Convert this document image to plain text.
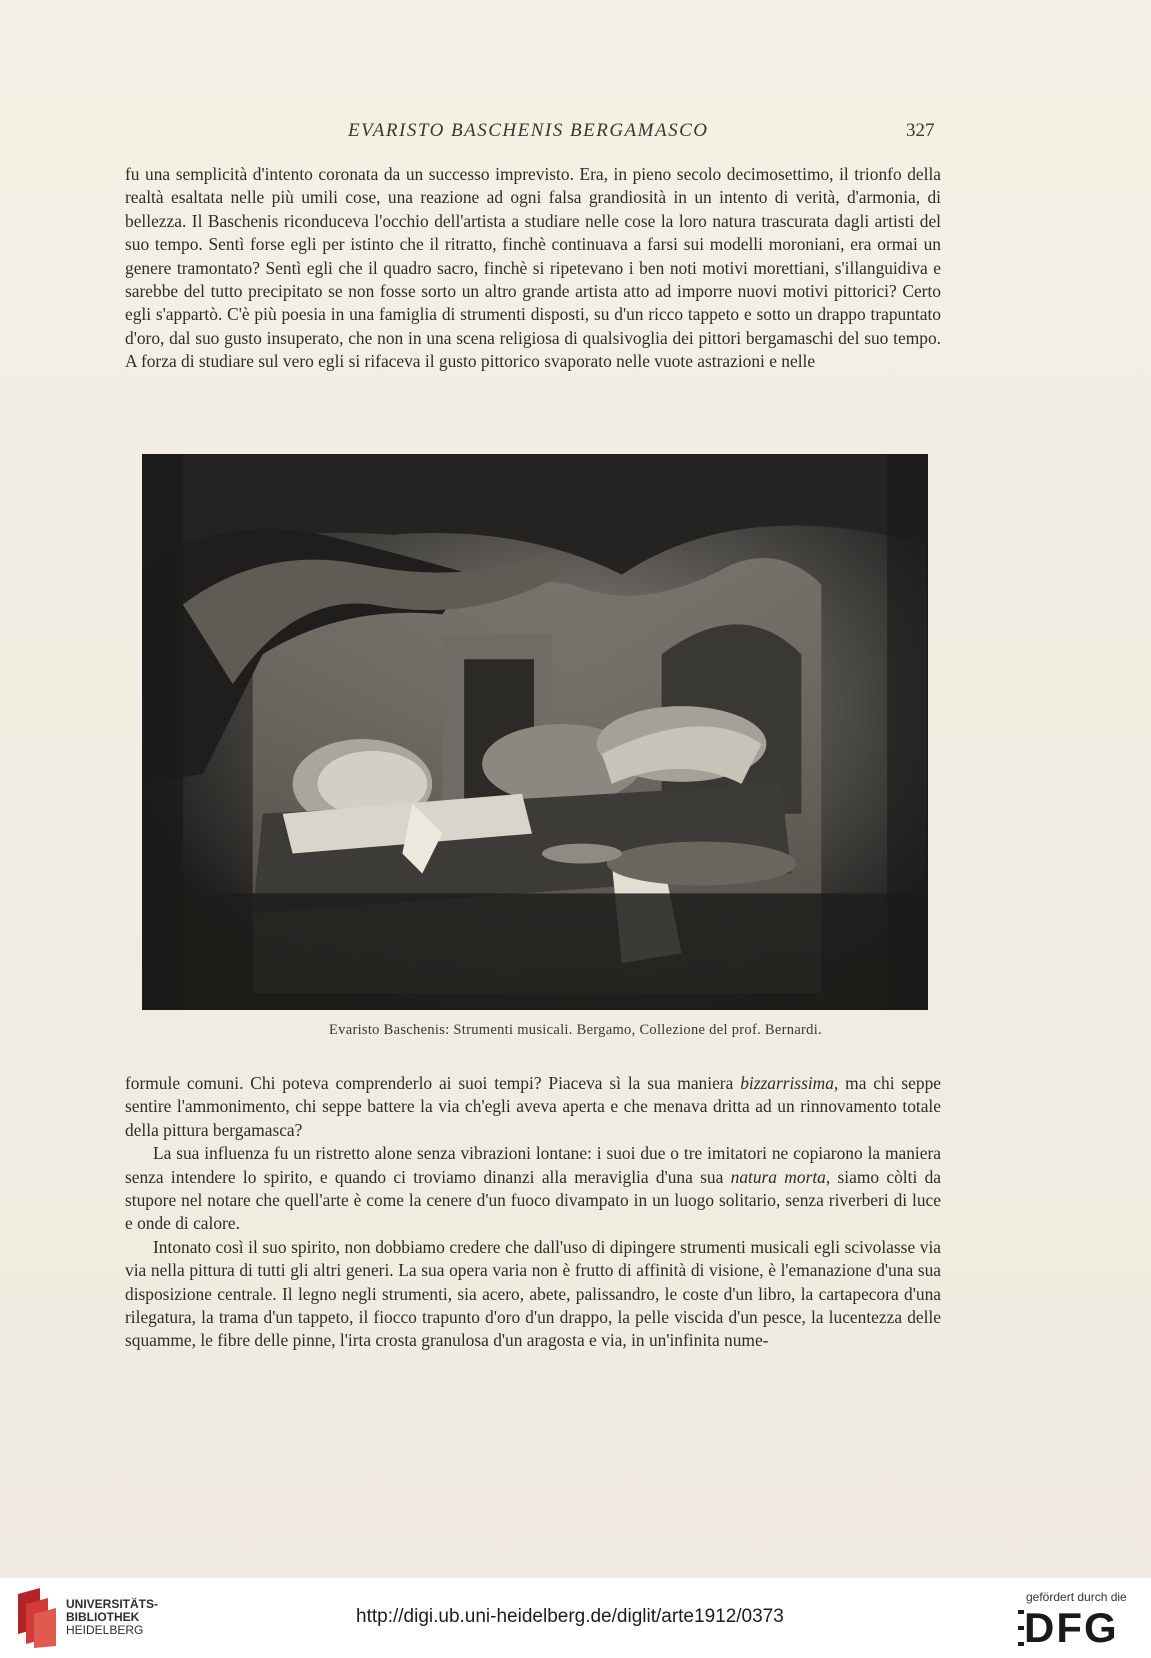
EVARISTO BASCHENIS BERGAMASCO	327

fu una semplicità d'intento coronata da un successo imprevisto. Era, in pieno secolo decimosettimo, il trionfo della realtà esaltata nelle più umili cose, una reazione ad ogni falsa grandiosità in un intento di verità, d'armonia, di bellezza. Il Baschenis riconduceva l'occhio dell'artista a studiare nelle cose la loro natura trascurata dagli artisti del suo tempo. Sentì forse egli per istinto che il ritratto, finchè continuava a farsi sui modelli moroniani, era ormai un genere tramontato? Sentì egli che il quadro sacro, finchè si ripetevano i ben noti motivi morettiani, s'illanguidiva e sarebbe del tutto precipitato se non fosse sorto un altro grande artista atto ad imporre nuovi motivi pittorici? Certo egli s'appartò. C'è più poesia in una famiglia di strumenti disposti, su d'un ricco tappeto e sotto un drappo trapuntato d'oro, dal suo gusto insuperato, che non in una scena religiosa di qualsivoglia dei pittori bergamaschi del suo tempo. A forza di studiare sul vero egli si rifaceva il gusto pittorico svaporato nelle vuote astrazioni e nelle

Evaristo Baschenis: Strumenti musicali. Bergamo, Collezione del prof. Bernardi.

formule comuni. Chi poteva comprenderlo ai suoi tempi? Piaceva sì la sua maniera bizzarrissima, ma chi seppe sentire l'ammonimento, chi seppe battere la via ch'egli aveva aperta e che menava dritta ad un rinnovamento totale della pittura bergamasca?

La sua influenza fu un ristretto alone senza vibrazioni lontane: i suoi due o tre imitatori ne copiarono la maniera senza intendere lo spirito, e quando ci troviamo dinanzi alla meraviglia d'una sua natura morta, siamo còlti da stupore nel notare che quell'arte è come la cenere d'un fuoco divampato in un luogo solitario, senza riverberi di luce e onde di calore.

Intonato così il suo spirito, non dobbiamo credere che dall'uso di dipingere strumenti musicali egli scivolasse via via nella pittura di tutti gli altri generi. La sua opera varia non è frutto di affinità di visione, è l'emanazione d'una sua disposizione centrale. Il legno negli strumenti, sia acero, abete, palissandro, le coste d'un libro, la cartapecora d'una rilegatura, la trama d'un tappeto, il fiocco trapunto d'oro d'un drappo, la pelle viscida d'un pesce, la lucentezza delle squamme, le fibre delle pinne, l'irta crosta granulosa d'un aragosta e via, in un'infinita nume-

UNIVERSITÄTS-
BIBLIOTHEK
HEIDELBERG
http://digi.ub.uni-heidelberg.de/diglit/arte1912/0373
gefördert durch die
DFG
